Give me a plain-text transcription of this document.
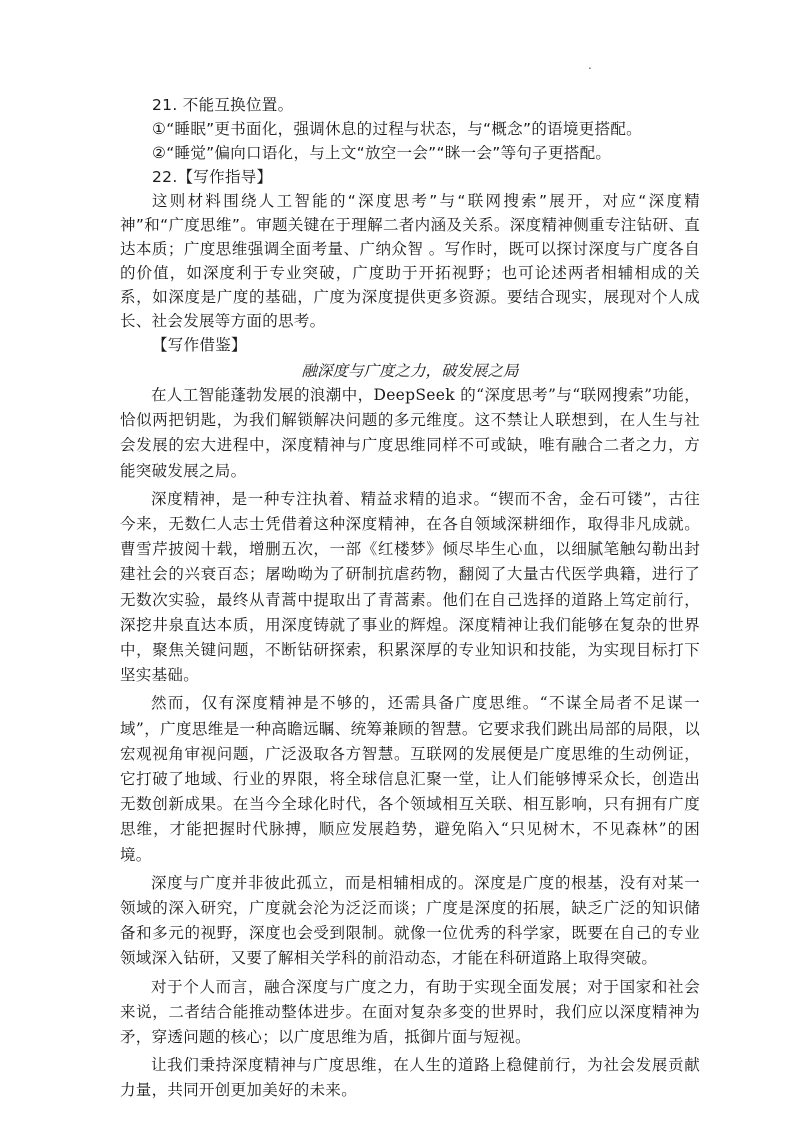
.

21. 不能互换位置。

①“睡眠”更书面化，强调休息的过程与状态，与“概念”的语境更搭配。

②“睡觉”偏向口语化，与上文“放空一会”“眯一会”等句子更搭配。

22.【写作指导】

这则材料围绕人工智能的“深度思考”与“联网搜索”展开，对应“深度精神”和“广度思维”。审题关键在于理解二者内涵及关系。深度精神侧重专注钻研、直达本质；广度思维强调全面考量、广纳众智 。写作时，既可以探讨深度与广度各自的价值，如深度利于专业突破，广度助于开拓视野；也可论述两者相辅相成的关系，如深度是广度的基础，广度为深度提供更多资源。要结合现实，展现对个人成长、社会发展等方面的思考。

【写作借鉴】

融深度与广度之力，破发展之局

在人工智能蓬勃发展的浪潮中，DeepSeek 的“深度思考”与“联网搜索”功能，恰似两把钥匙，为我们解锁解决问题的多元维度。这不禁让人联想到，在人生与社会发展的宏大进程中，深度精神与广度思维同样不可或缺，唯有融合二者之力，方能突破发展之局。

深度精神，是一种专注执着、精益求精的追求。“锲而不舍，金石可镂”，古往今来，无数仁人志士凭借着这种深度精神，在各自领域深耕细作，取得非凡成就。曹雪芹披阅十载，增删五次，一部《红楼梦》倾尽毕生心血，以细腻笔触勾勒出封建社会的兴衰百态；屠呦呦为了研制抗虐药物，翻阅了大量古代医学典籍，进行了无数次实验，最终从青蒿中提取出了青蒿素。他们在自己选择的道路上笃定前行，深挖井泉直达本质，用深度铸就了事业的辉煌。深度精神让我们能够在复杂的世界中，聚焦关键问题，不断钻研探索，积累深厚的专业知识和技能，为实现目标打下坚实基础。

然而，仅有深度精神是不够的，还需具备广度思维。“不谋全局者不足谋一域”，广度思维是一种高瞻远瞩、统筹兼顾的智慧。它要求我们跳出局部的局限，以宏观视角审视问题，广泛汲取各方智慧。互联网的发展便是广度思维的生动例证，它打破了地域、行业的界限，将全球信息汇聚一堂，让人们能够博采众长，创造出无数创新成果。在当今全球化时代，各个领域相互关联、相互影响，只有拥有广度思维，才能把握时代脉搏，顺应发展趋势，避免陷入“只见树木，不见森林”的困境。

深度与广度并非彼此孤立，而是相辅相成的。深度是广度的根基，没有对某一领域的深入研究，广度就会沦为泛泛而谈；广度是深度的拓展，缺乏广泛的知识储备和多元的视野，深度也会受到限制。就像一位优秀的科学家，既要在自己的专业领域深入钻研，又要了解相关学科的前沿动态，才能在科研道路上取得突破。

对于个人而言，融合深度与广度之力，有助于实现全面发展；对于国家和社会来说，二者结合能推动整体进步。在面对复杂多变的世界时，我们应以深度精神为矛，穿透问题的核心；以广度思维为盾，抵御片面与短视。

让我们秉持深度精神与广度思维，在人生的道路上稳健前行，为社会发展贡献力量，共同开创更加美好的未来。
